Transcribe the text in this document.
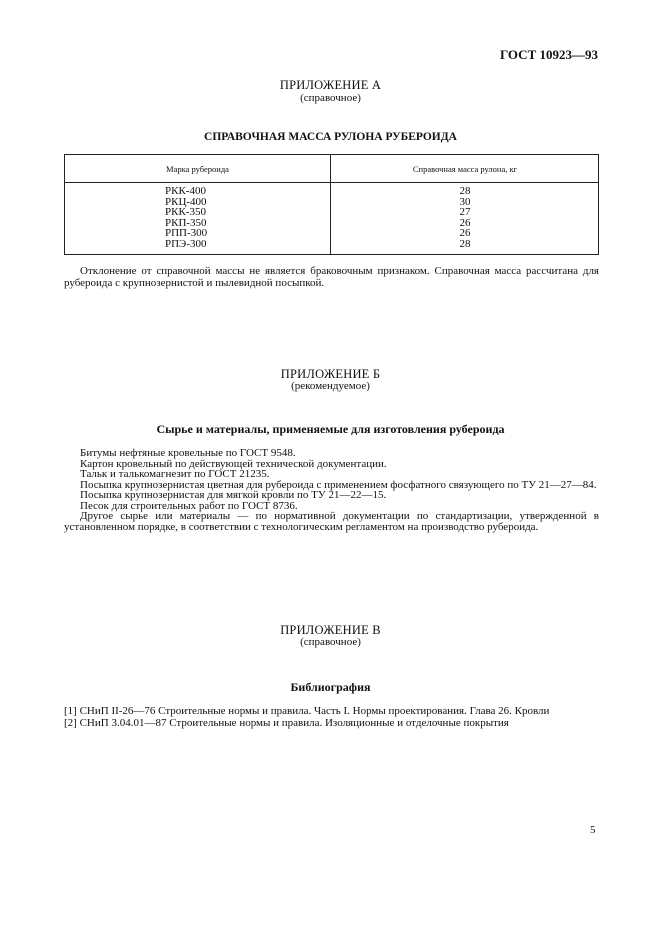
ГОСТ 10923—93
ПРИЛОЖЕНИЕ А
(справочное)
СПРАВОЧНАЯ МАССА РУЛОНА РУБЕРОИДА
Марка рубероида	Справочная масса рулона, кг
РКК-400
РКЦ-400
РКК-350
РКП-350
РПП-300
РПЭ-300
28
30
27
26
26
28

Отклонение от справочной массы не является браковочным признаком. Справочная масса рассчитана для рубероида с крупнозернистой и пылевидной посыпкой.

ПРИЛОЖЕНИЕ Б
(рекомендуемое)
Сырье и материалы, применяемые для изготовления рубероида

Битумы нефтяные кровельные по ГОСТ 9548.

Картон кровельный по действующей технической документации.

Тальк и талькомагнезит по ГОСТ 21235.

Посыпка крупнозернистая цветная для рубероида с применением фосфатного связующего по ТУ 21—27—84.

Посыпка крупнозернистая для мягкой кровли по ТУ 21—22—15.

Песок для строительных работ по ГОСТ 8736.

Другое сырье или материалы — по нормативной документации по стандартизации, утвержденной в установленном порядке, в соответствии с технологическим регламентом на производство рубероида.

ПРИЛОЖЕНИЕ В
(справочное)
Библиография
[1] СНиП II-26—76 Строительные нормы и правила. Часть I. Нормы проектирования. Глава 26. Кровли
[2] СНиП 3.04.01—87 Строительные нормы и правила. Изоляционные и отделочные покрытия
5
